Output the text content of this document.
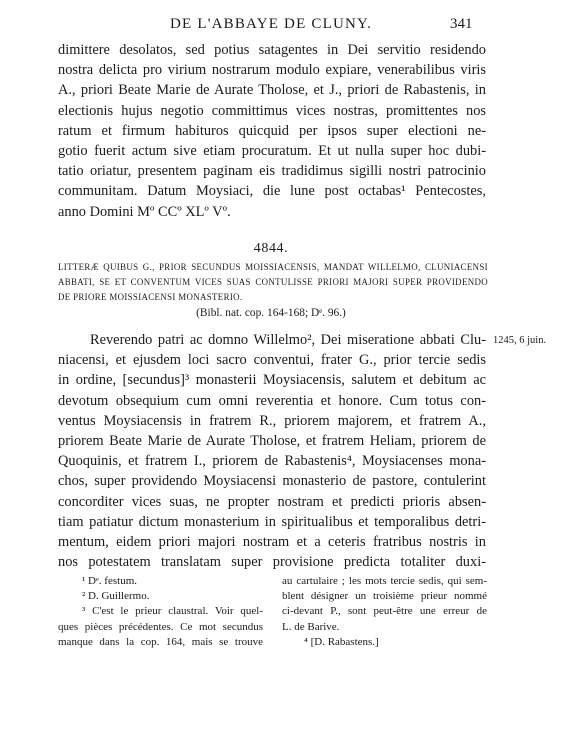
DE L'ABBAYE DE CLUNY.	341
dimittere desolatos, sed potius satagentes in Dei servitio residendo
nostra delicta pro virium nostrarum modulo expiare, venerabilibus viris
A., priori Beate Marie de Aurate Tholose, et J., priori de Rabastenis, in
electionis hujus negotio committimus vices nostras, promittentes nos
ratum et firmum habituros quicquid per ipsos super electioni ne-
gotio fuerit actum sive etiam procuratum. Et ut nulla super hoc dubi-
tatio oriatur, presentem paginam eis tradidimus sigilli nostri patrocinio
communitam. Datum Moysiaci, die lune post octabas¹ Pentecostes,
anno Domini Mº CCº XLº Vº.
4844.
LITTERÆ QUIBUS G., PRIOR SECUNDUS MOISSIACENSIS, MANDAT WILLELMO, CLUNIACENSI
ABBATI, SE ET CONVENTUM VICES SUAS CONTULISSE PRIORI MAJORI SUPER PROVIDENDO
DE PRIORE MOISSIACENSI MONASTERIO.
(Bibl. nat. cop. 164-168; Dᵉ. 96.)
1245, 6 juin.
Reverendo patri ac domno Willelmo², Dei miseratione abbati Clu-
niacensi, et ejusdem loci sacro conventui, frater G., prior tercie sedis
in ordine, [secundus]³ monasterii Moysiacensis, salutem et debitum ac
devotum obsequium cum omni reverentia et honore. Cum totus con-
ventus Moysiacensis in fratrem R., priorem majorem, et fratrem A.,
priorem Beate Marie de Aurate Tholose, et fratrem Heliam, priorem de
Quoquinis, et fratrem I., priorem de Rabastenis⁴, Moysiacenses mona-
chos, super providendo Moysiacensi monasterio de pastore, contulerint
concorditer vices suas, ne propter nostram et predicti prioris absen-
tiam patiatur dictum monasterium in spiritualibus et temporalibus detri-
mentum, eidem priori majori nostram et a ceteris fratribus nostris in
nos potestatem translatam super provisione predicta totaliter duxi-
¹ Dᵉ. festum.
² D. Guillermo.
³ C'est le prieur claustral. Voir quel-
ques pièces précédentes. Ce mot secundus
manque dans la cop. 164, mais se trouve
au cartulaire ; les mots tercie sedis, qui sem-
blent désigner un troisième prieur nommé
ci-devant P., sont peut-être une erreur de
L. de Barive.
⁴ [D. Rabastens.]
